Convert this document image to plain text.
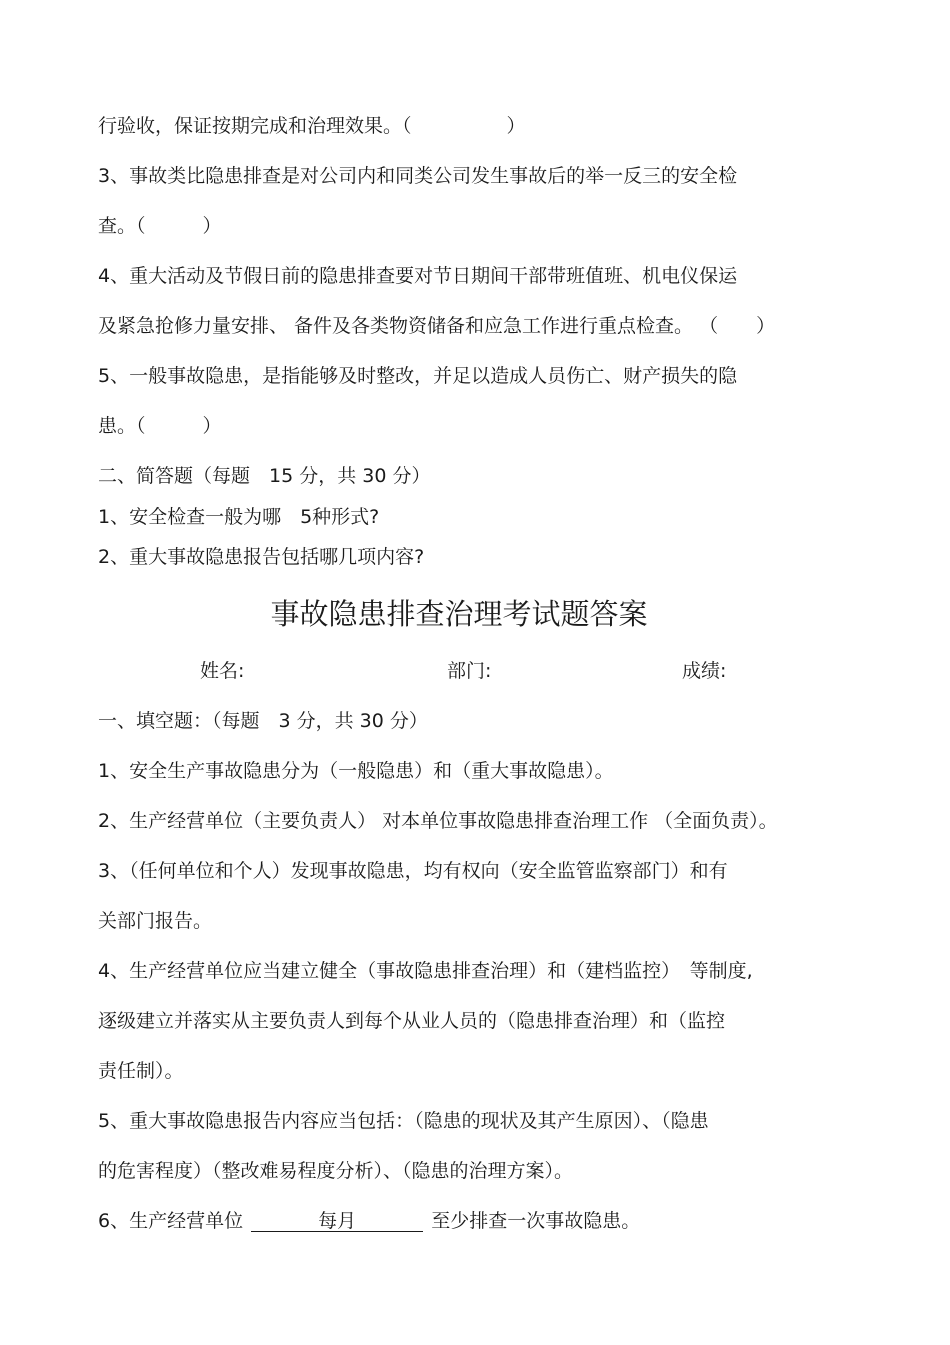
行验收，保证按期完成和治理效果。（　　　　　）

3、事故类比隐患排查是对公司内和同类公司发生事故后的举一反三的安全检

查。（　　　）

4、重大活动及节假日前的隐患排查要对节日期间干部带班值班、机电仪保运

及紧急抢修力量安排、 备件及各类物资储备和应急工作进行重点检查。 （　　）

5、一般事故隐患，是指能够及时整改，并足以造成人员伤亡、财产损失的隐

患。（　　　）

二、简答题（每题　15 分，共 30 分）

1、安全检查一般为哪　5种形式?

2、重大事故隐患报告包括哪几项内容?

事故隐患排查治理考试题答案
姓名:	部门:	成绩:

一、填空题：（每题　3 分，共 30 分）

1、安全生产事故隐患分为（一般隐患）和（重大事故隐患）。

2、生产经营单位（主要负责人） 对本单位事故隐患排查治理工作 （全面负责）。

3、（任何单位和个人）发现事故隐患，均有权向（安全监管监察部门）和有

关部门报告。

4、生产经营单位应当建立健全（事故隐患排查治理）和（建档监控）　等制度,

逐级建立并落实从主要负责人到每个从业人员的（隐患排查治理）和（监控

责任制）。

5、重大事故隐患报告内容应当包括：（隐患的现状及其产生原因）、（隐患

的危害程度）（整改难易程度分析）、（隐患的治理方案）。

6、生产经营单位	每月	至少排查一次事故隐患。
